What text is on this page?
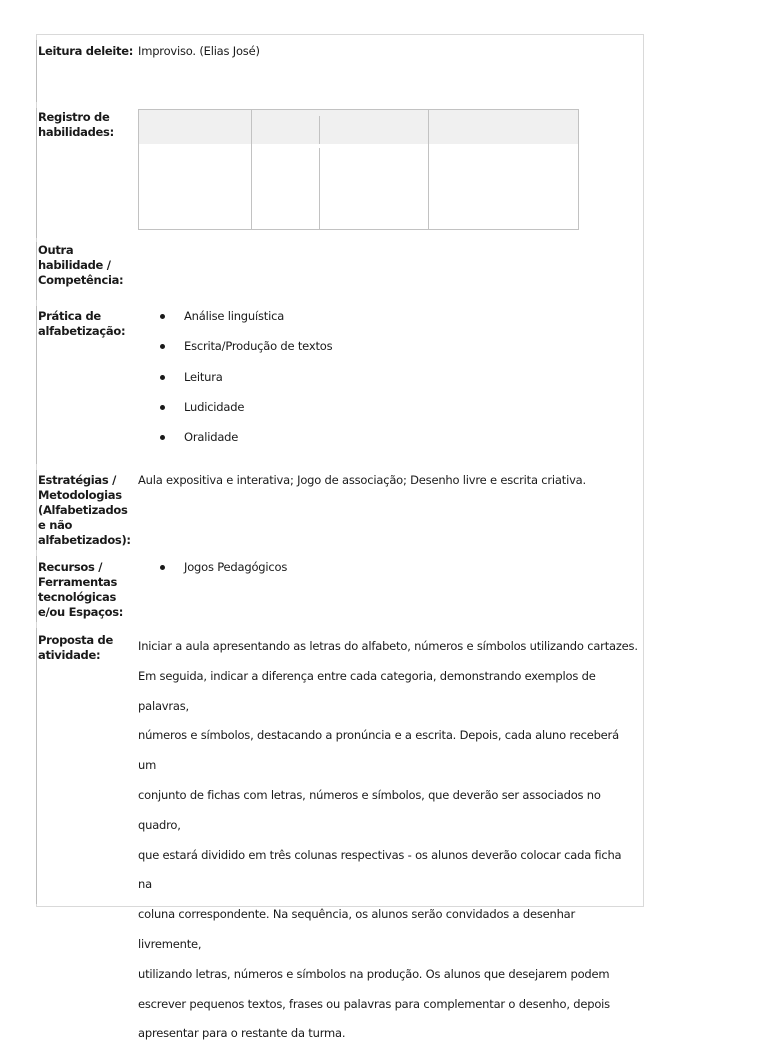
Leitura deleite: Improviso. (Elias José)
Registro de habilidades:
Outra habilidade / Competência:
Prática de alfabetização:
Análise linguística
Escrita/Produção de textos
Leitura
Ludicidade
Oralidade
Estratégias / Metodologias (Alfabetizados e não alfabetizados):
Aula expositiva e interativa; Jogo de associação; Desenho livre e escrita criativa.
Recursos / Ferramentas tecnológicas e/ou Espaços:
Jogos Pedagógicos
Proposta de atividade:
Iniciar a aula apresentando as letras do alfabeto, números e símbolos utilizando cartazes.
Em seguida, indicar a diferença entre cada categoria, demonstrando exemplos de palavras,
números e símbolos, destacando a pronúncia e a escrita. Depois, cada aluno receberá um
conjunto de fichas com letras, números e símbolos, que deverão ser associados no quadro,
que estará dividido em três colunas respectivas - os alunos deverão colocar cada ficha na
coluna correspondente. Na sequência, os alunos serão convidados a desenhar livremente,
utilizando letras, números e símbolos na produção. Os alunos que desejarem podem
escrever pequenos textos, frases ou palavras para complementar o desenho, depois
apresentar para o restante da turma.
